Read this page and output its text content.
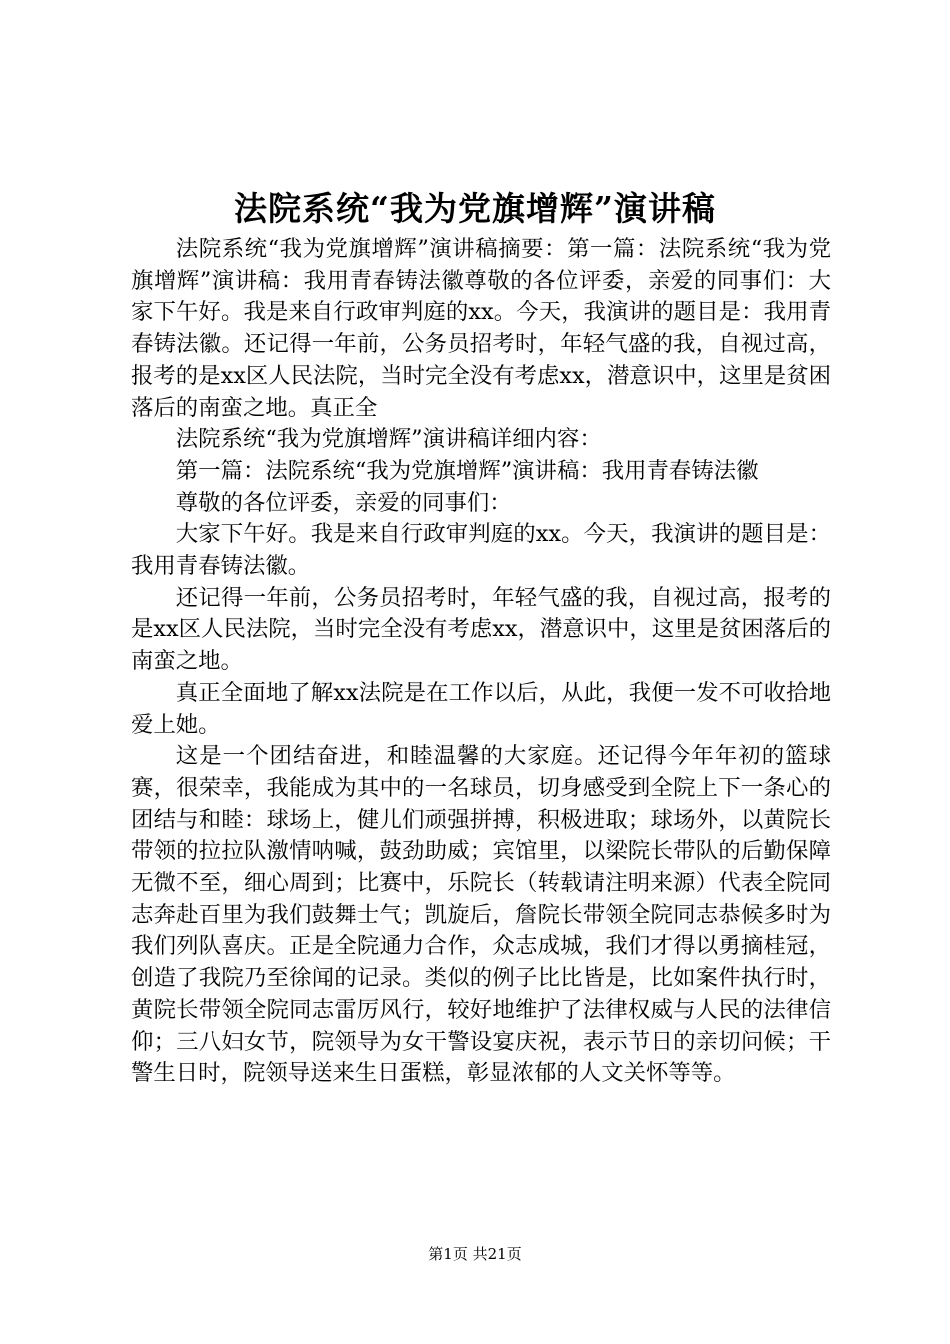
法院系统“我为党旗增辉”演讲稿

法院系统“我为党旗增辉”演讲稿摘要：第一篇：法院系统“我为党旗增辉”演讲稿：我用青春铸法徽尊敬的各位评委，亲爱的同事们：大家下午好。我是来自行政审判庭的xx。今天，我演讲的题目是：我用青春铸法徽。还记得一年前，公务员招考时，年轻气盛的我，自视过高，报考的是xx区人民法院，当时完全没有考虑xx，潜意识中，这里是贫困落后的南蛮之地。真正全

法院系统“我为党旗增辉”演讲稿详细内容：

第一篇：法院系统“我为党旗增辉”演讲稿：我用青春铸法徽

尊敬的各位评委，亲爱的同事们：

大家下午好。我是来自行政审判庭的xx。今天，我演讲的题目是：我用青春铸法徽。

还记得一年前，公务员招考时，年轻气盛的我，自视过高，报考的是xx区人民法院，当时完全没有考虑xx，潜意识中，这里是贫困落后的南蛮之地。

真正全面地了解xx法院是在工作以后，从此，我便一发不可收拾地爱上她。

这是一个团结奋进，和睦温馨的大家庭。还记得今年年初的篮球赛，很荣幸，我能成为其中的一名球员，切身感受到全院上下一条心的团结与和睦：球场上，健儿们顽强拼搏，积极进取；球场外，以黄院长带领的拉拉队激情呐喊，鼓劲助威；宾馆里，以梁院长带队的后勤保障无微不至，细心周到；比赛中，乐院长（转载请注明来源）代表全院同志奔赴百里为我们鼓舞士气；凯旋后，詹院长带领全院同志恭候多时为我们列队喜庆。正是全院通力合作，众志成城，我们才得以勇摘桂冠，创造了我院乃至徐闻的记录。类似的例子比比皆是，比如案件执行时，黄院长带领全院同志雷厉风行，较好地维护了法律权威与人民的法律信仰；三八妇女节，院领导为女干警设宴庆祝，表示节日的亲切问候；干警生日时，院领导送来生日蛋糕，彰显浓郁的人文关怀等等。

第1页 共21页
